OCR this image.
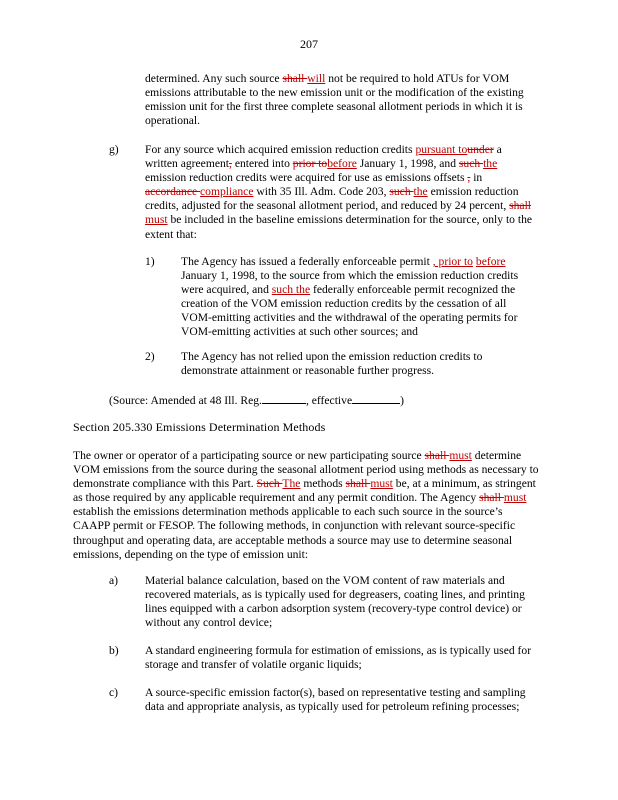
207

determined. Any such source shall will not be required to hold ATUs for VOM emissions attributable to the new emission unit or the modification of the existing emission unit for the first three complete seasonal allotment periods in which it is operational.

g) For any source which acquired emission reduction credits pursuant tounder a written agreement, entered into prior tobefore January 1, 1998, and such the emission reduction credits were acquired for use as emissions offsets , in accordance compliance with 35 Ill. Adm. Code 203, such the emission reduction credits, adjusted for the seasonal allotment period, and reduced by 24 percent, shall must be included in the baseline emissions determination for the source, only to the extent that:

1) The Agency has issued a federally enforceable permit , prior to before January 1, 1998, to the source from which the emission reduction credits were acquired, and such the federally enforceable permit recognized the creation of the VOM emission reduction credits by the cessation of all VOM-emitting activities and the withdrawal of the operating permits for VOM-emitting activities at such other sources; and

2) The Agency has not relied upon the emission reduction credits to demonstrate attainment or reasonable further progress.

(Source: Amended at 48 Ill. Reg.	, effective	)

Section 205.330 Emissions Determination Methods

The owner or operator of a participating source or new participating source shall must determine VOM emissions from the source during the seasonal allotment period using methods as necessary to demonstrate compliance with this Part. Such The methods shall must be, at a minimum, as stringent as those required by any applicable requirement and any permit condition. The Agency shall must establish the emissions determination methods applicable to each such source in the source’s CAAPP permit or FESOP. The following methods, in conjunction with relevant source-specific throughput and operating data, are acceptable methods a source may use to determine seasonal emissions, depending on the type of emission unit:

a) Material balance calculation, based on the VOM content of raw materials and recovered materials, as is typically used for degreasers, coating lines, and printing lines equipped with a carbon adsorption system (recovery-type control device) or without any control device;

b) A standard engineering formula for estimation of emissions, as is typically used for storage and transfer of volatile organic liquids;

c) A source-specific emission factor(s), based on representative testing and sampling data and appropriate analysis, as typically used for petroleum refining processes;
